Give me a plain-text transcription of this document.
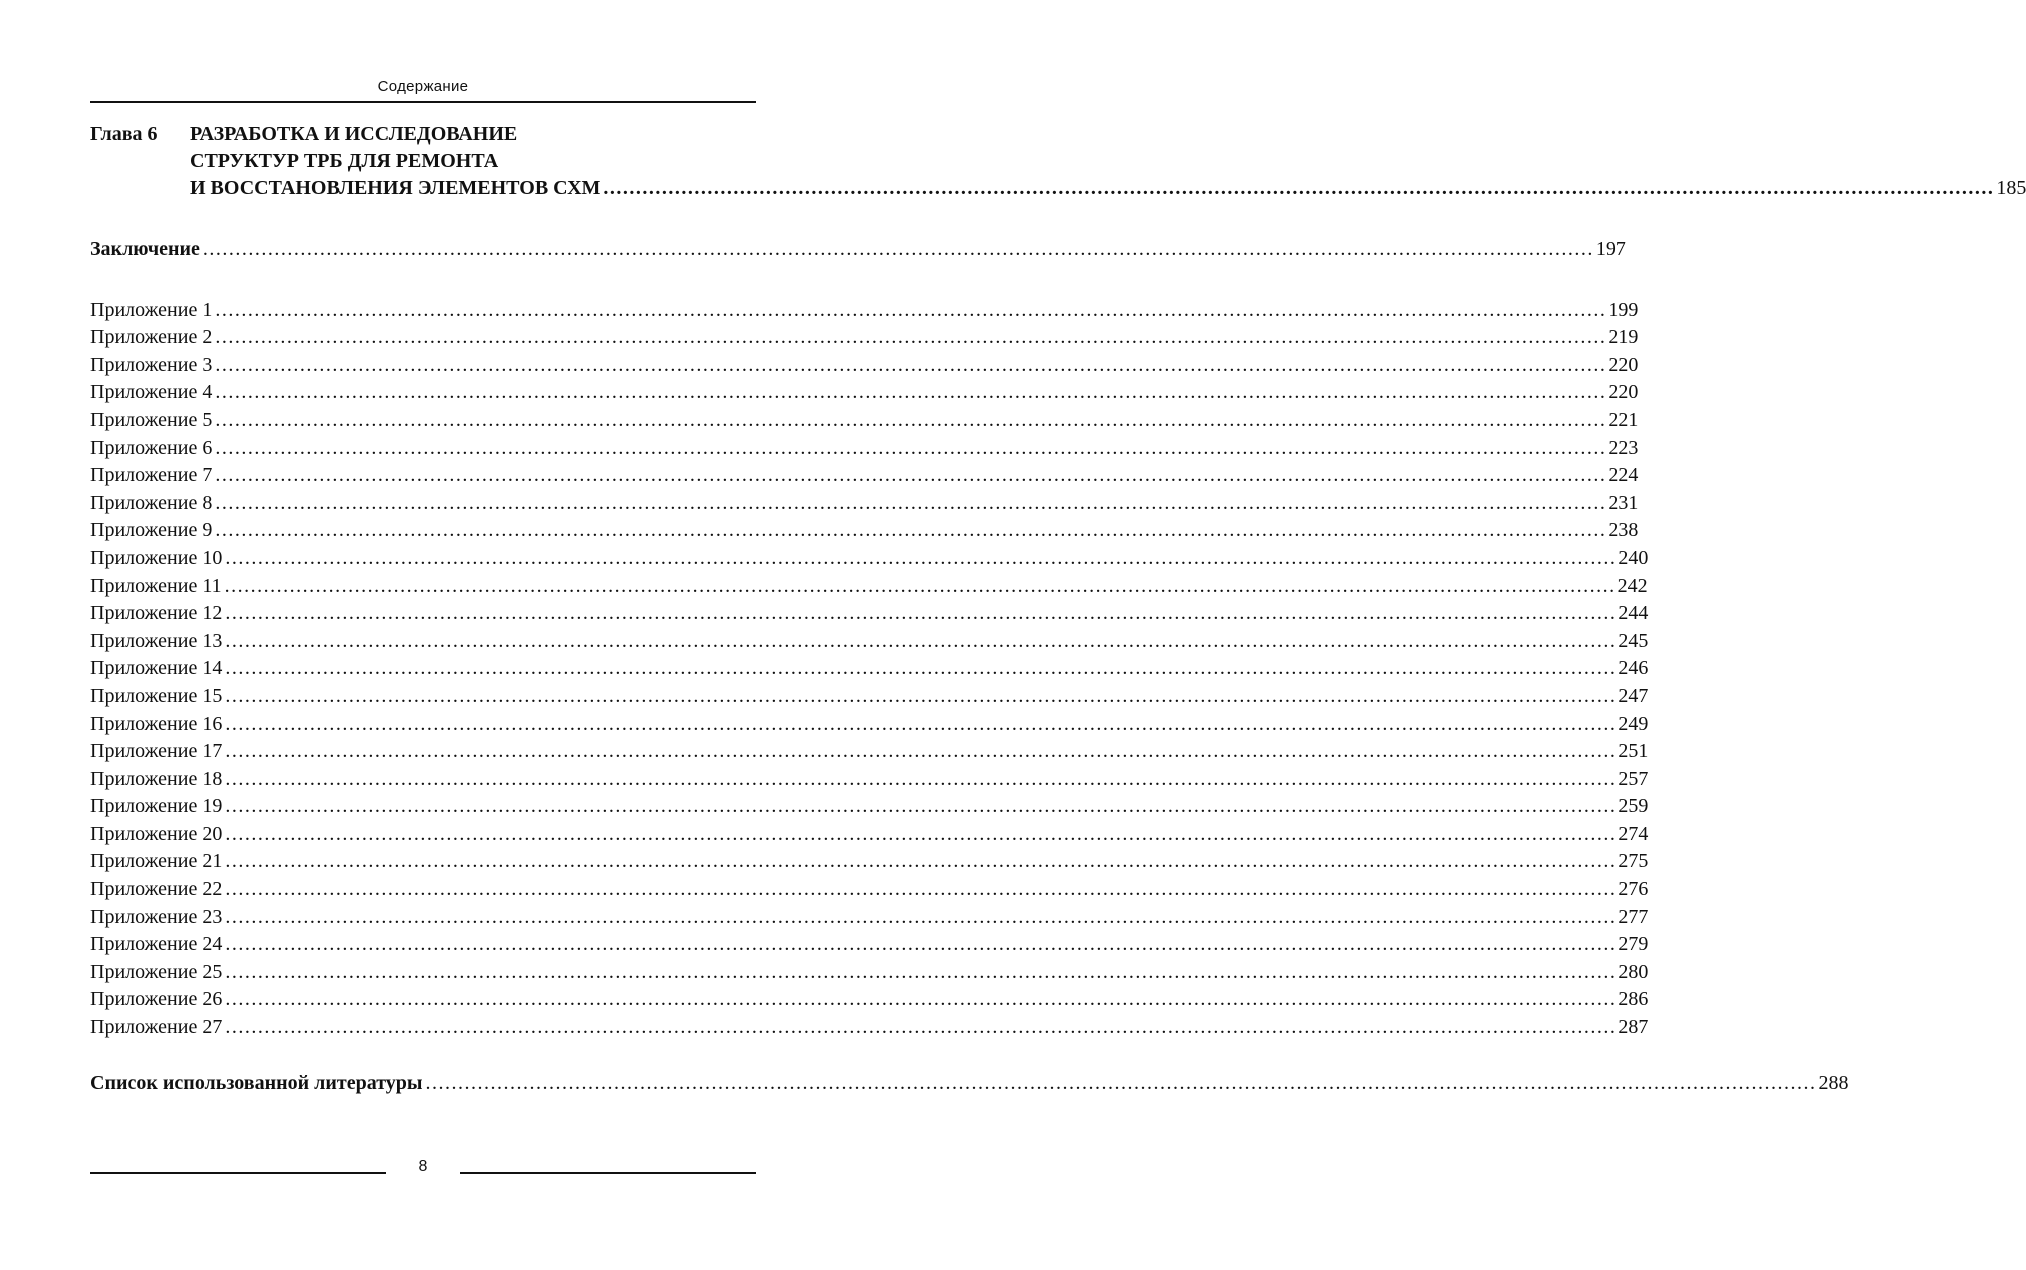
Содержание
Глава 6	РАЗРАБОТКА И ИССЛЕДОВАНИЕ
СТРУКТУР ТРБ ДЛЯ РЕМОНТА
И ВОССТАНОВЛЕНИЯ ЭЛЕМЕНТОВ СХМ .....	185
Заключение .....	197
Приложение 1 .....	199
Приложение 2 .....	219
Приложение 3 .....	220
Приложение 4 .....	220
Приложение 5 .....	221
Приложение 6 .....	223
Приложение 7 .....	224
Приложение 8 .....	231
Приложение 9 .....	238
Приложение 10 .....	240
Приложение 11 .....	242
Приложение 12 .....	244
Приложение 13 .....	245
Приложение 14 .....	246
Приложение 15 .....	247
Приложение 16 .....	249
Приложение 17 .....	251
Приложение 18 .....	257
Приложение 19 .....	259
Приложение 20 .....	274
Приложение 21 .....	275
Приложение 22 .....	276
Приложение 23 .....	277
Приложение 24 .....	279
Приложение 25 .....	280
Приложение 26 .....	286
Приложение 27 .....	287
Список использованной литературы .....	288
8
